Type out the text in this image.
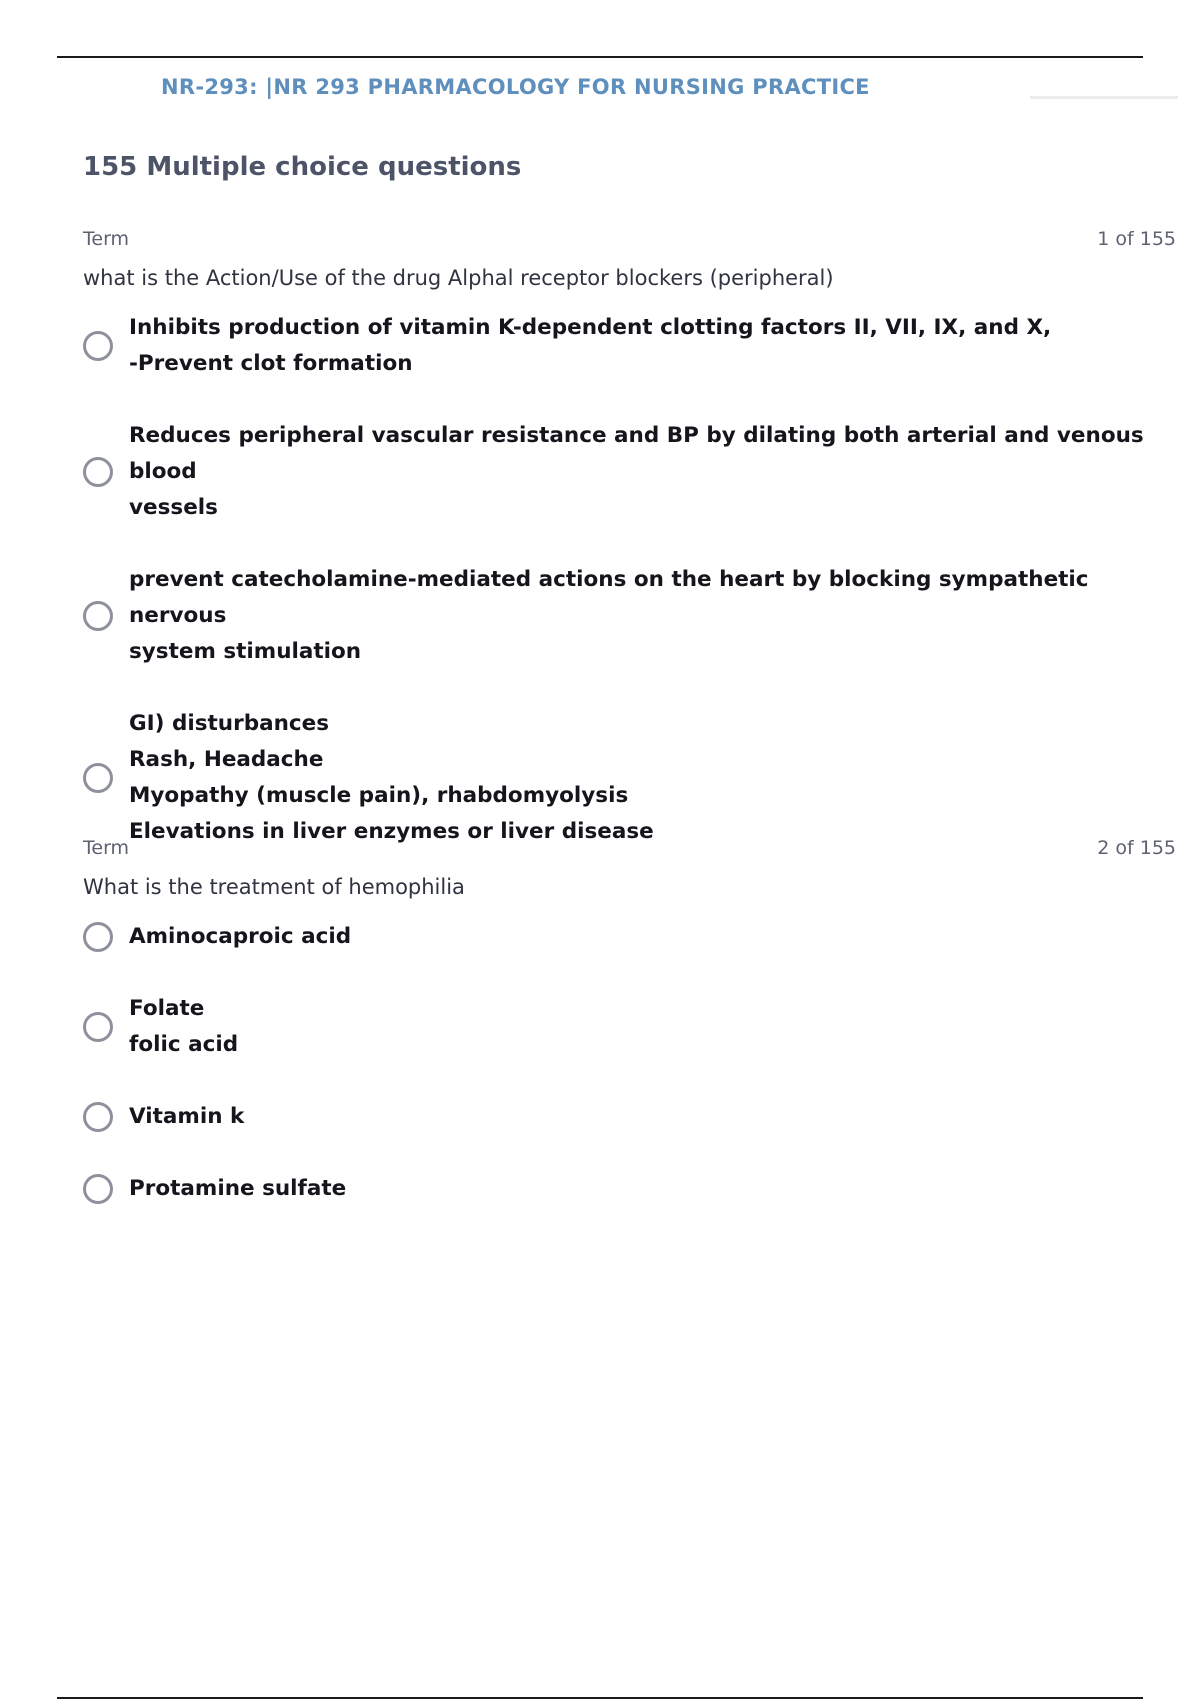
NR-293: |NR 293 PHARMACOLOGY FOR NURSING PRACTICE
155 Multiple choice questions
Term	1 of 155
what is the Action/Use of the drug Alphal receptor blockers (peripheral)
Inhibits production of vitamin K-dependent clotting factors II, VII, IX, and X,
-Prevent clot formation
Reduces peripheral vascular resistance and BP by dilating both arterial and venous blood
vessels
prevent catecholamine-mediated actions on the heart by blocking sympathetic nervous
system stimulation
GI) disturbances
Rash, Headache
Myopathy (muscle pain), rhabdomyolysis
Elevations in liver enzymes or liver disease
Term	2 of 155
What is the treatment of hemophilia
Aminocaproic acid
Folate
folic acid
Vitamin k
Protamine sulfate
